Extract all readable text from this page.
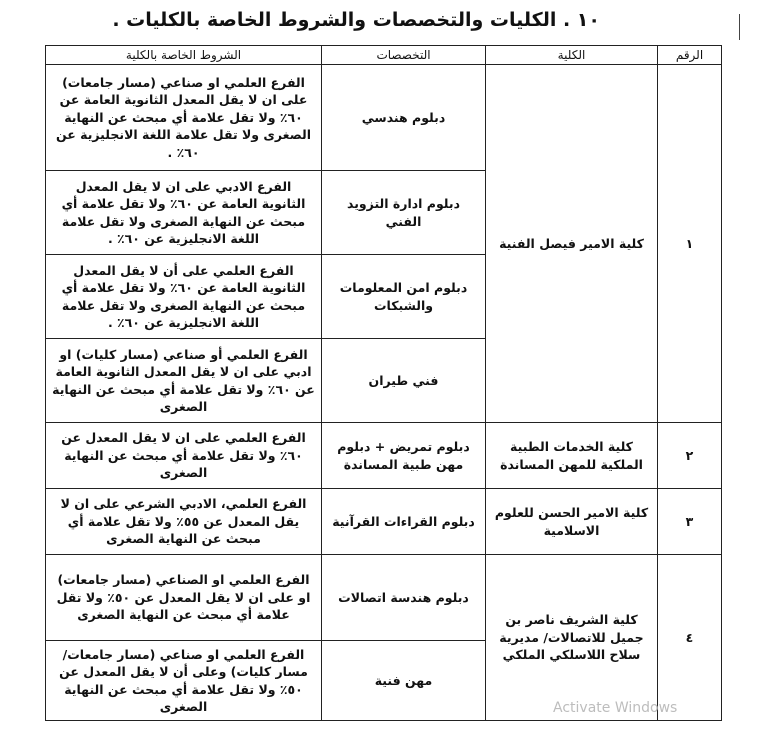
١٠ . الكليات والتخصصات والشروط الخاصة بالكليات .
الرقم	الكلية	التخصصات	الشروط الخاصة بالكلية
١	كلية الامير فيصل الفنية	دبلوم هندسي	الفرع العلمي او صناعي (مسار جامعات) على ان لا يقل المعدل الثانوية العامة عن ٦٠٪ ولا تقل علامة أي مبحث عن النهاية الصغرى ولا تقل علامة اللغة الانجليزية عن ٦٠٪ .
		دبلوم ادارة التزويد الفني	الفرع الادبي على ان لا يقل المعدل الثانوية العامة عن ٦٠٪ ولا تقل علامة أي مبحث عن النهاية الصغرى ولا تقل علامة اللغة الانجليزية عن ٦٠٪ .
		دبلوم امن المعلومات والشبكات	الفرع العلمي على أن لا يقل المعدل الثانوية العامة عن ٦٠٪ ولا تقل علامة أي مبحث عن النهاية الصغرى ولا تقل علامة اللغة الانجليزية عن ٦٠٪ .
		فني طيران	الفرع العلمي أو صناعي (مسار كليات) او ادبي على ان لا يقل المعدل الثانوية العامة عن ٦٠٪ ولا تقل علامة أي مبحث عن النهاية الصغرى
٢	كلية الخدمات الطبية الملكية للمهن المساندة	دبلوم تمريض + دبلوم مهن طبية المساندة	الفرع العلمي على ان لا يقل المعدل عن ٦٠٪ ولا تقل علامة أي مبحث عن النهاية الصغرى
٣	كلية الامير الحسن للعلوم الاسلامية	دبلوم القراءات القرآنية	الفرع العلمي، الادبي الشرعي على ان لا يقل المعدل عن ٥٥٪ ولا تقل علامة أي مبحث عن النهاية الصغرى
٤	كلية الشريف ناصر بن جميل للاتصالات/ مديرية سلاح اللاسلكي الملكي	دبلوم هندسة اتصالات	الفرع العلمي او الصناعي (مسار جامعات) او على ان لا يقل المعدل عن ٥٠٪ ولا تقل علامة أي مبحث عن النهاية الصغرى
		مهن فنية	الفرع العلمي او صناعي (مسار جامعات/ مسار كليات) وعلى أن لا يقل المعدل عن ٥٠٪ ولا تقل علامة أي مبحث عن النهاية الصغرى	Activate Windows
